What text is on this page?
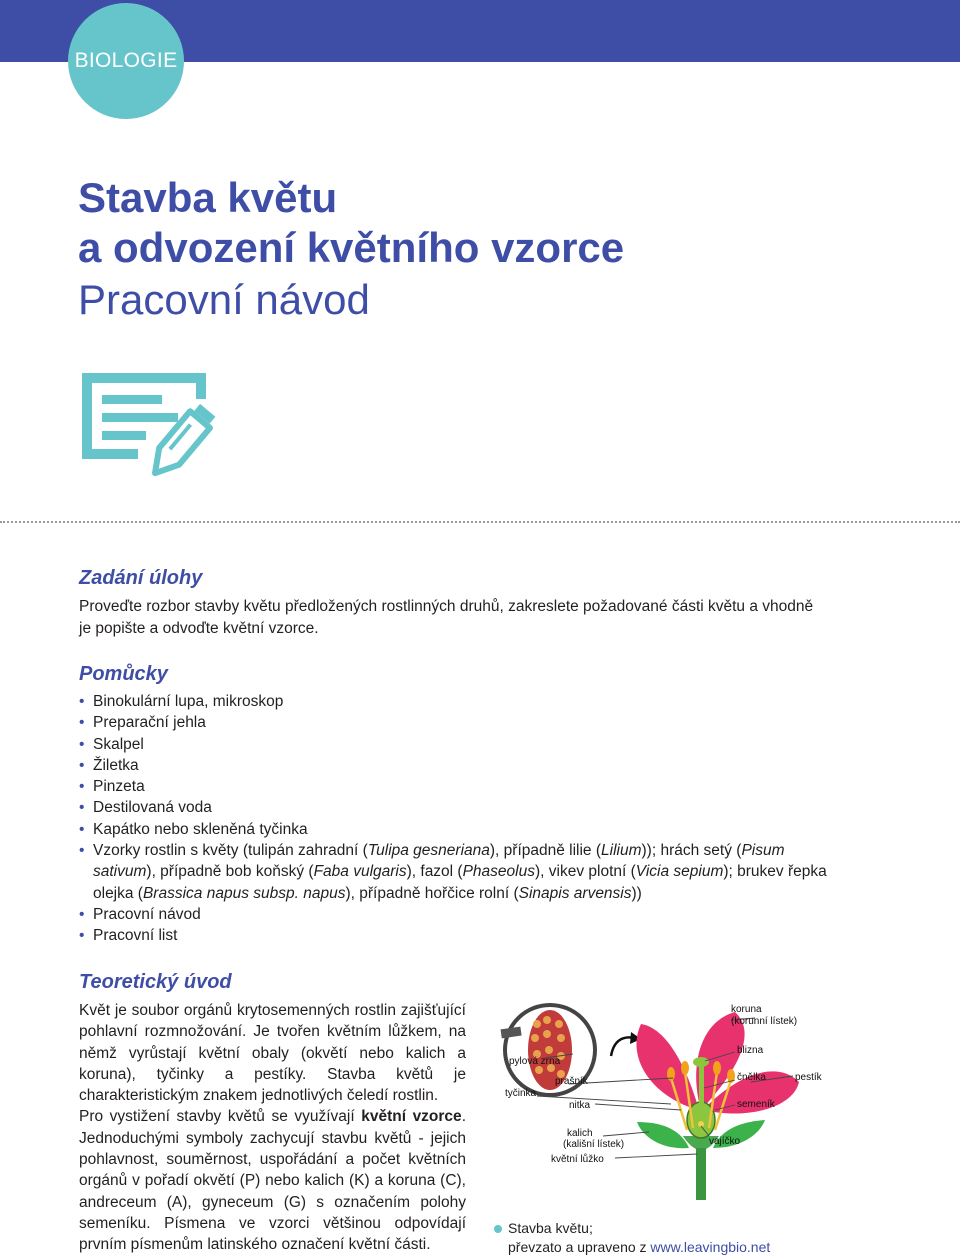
BIOLOGIE
Stavba květu
a odvození květního vzorce
Pracovní návod
Zadání úlohy
Proveďte rozbor stavby květu předložených rostlinných druhů, zakreslete požadované části květu a vhodně
je popište a odvoďte květní vzorce.
Pomůcky
• Binokulární lupa, mikroskop
• Preparační jehla
• Skalpel
• Žiletka
• Pinzeta
• Destilovaná voda
• Kapátko nebo skleněná tyčinka
• Vzorky rostlin s květy (tulipán zahradní (Tulipa gesneriana), případně lilie (Lilium)); hrách setý (Pisum sativum), případně bob koňský (Faba vulgaris), fazol (Phaseolus), vikev plotní (Vicia sepium); brukev řepka olejka (Brassica napus subsp. napus), případně hořčice rolní (Sinapis arvensis))
• Pracovní návod
• Pracovní list
Teoretický úvod

Květ je soubor orgánů krytosemenných rostlin zajišťující pohlavní rozmnožování. Je tvořen květním lůžkem, na němž vyrůstají květní obaly (okvětí nebo kalich a koruna), tyčinky a pestíky. Stavba květů je charakteristickým znakem jednotlivých čeledí rostlin.

Pro vystižení stavby květů se využívají květní vzorce. Jednoduchými symboly zachycují stavbu květů - jejich pohlavnost, souměrnost, uspořádání a počet květních orgánů v pořadí okvětí (P) nebo kalich (K) a koruna (C), andreceum (A), gyneceum (G) s označením polohy semeníku. Písmena ve vzorci většinou odpovídají prvním písmenům latinského označení květní části.

koruna
(korunní lístek)
pylová zrna
blizna
prašník	čnělka	pestík
tyčinka
nitka	semeník
kalich
(kališní lístek)	vajíčko
květní lůžko
Stavba květu;
převzato a upraveno z www.leavingbio.net
